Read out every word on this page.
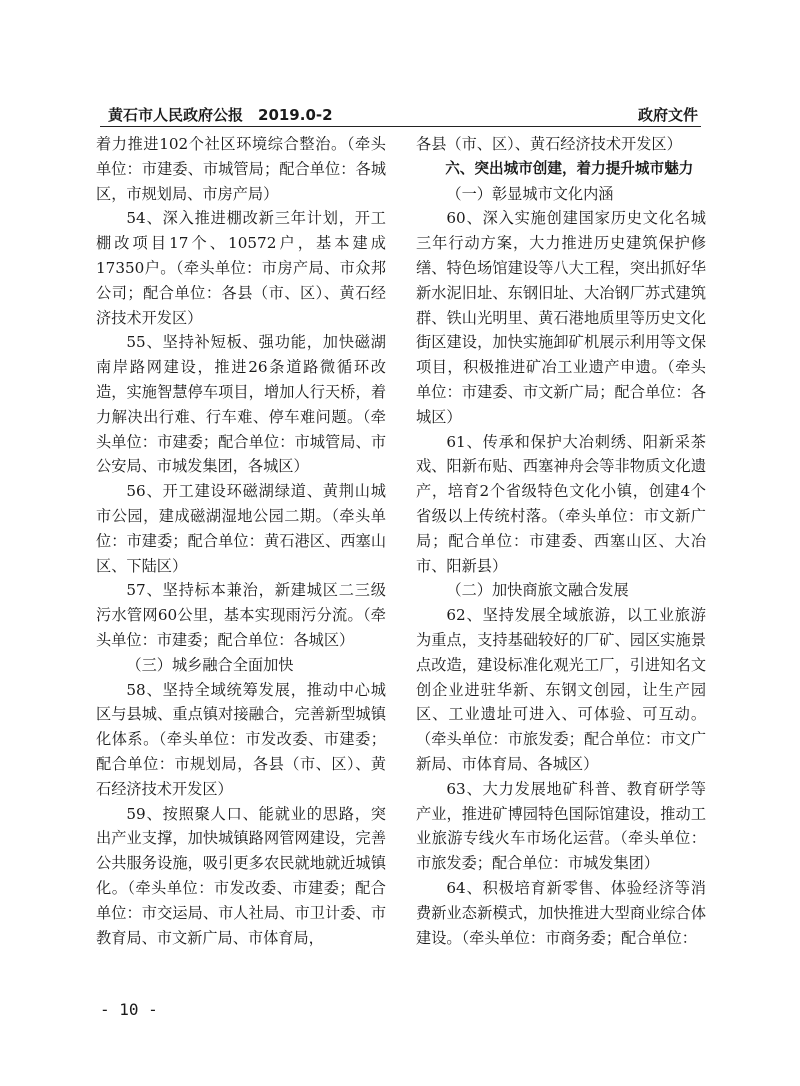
黄石市人民政府公报　2019.0-2	政府文件

着力推进102个社区环境综合整治。（牵头单位：市建委、市城管局；配合单位：各城区，市规划局、市房产局）

54、深入推进棚改新三年计划，开工棚改项目17个、10572户，基本建成17350户。（牵头单位：市房产局、市众邦公司；配合单位：各县（市、区）、黄石经济技术开发区）

55、坚持补短板、强功能，加快磁湖南岸路网建设，推进26条道路微循环改造，实施智慧停车项目，增加人行天桥，着力解决出行难、行车难、停车难问题。（牵头单位：市建委；配合单位：市城管局、市公安局、市城发集团，各城区）

56、开工建设环磁湖绿道、黄荆山城市公园，建成磁湖湿地公园二期。（牵头单位：市建委；配合单位：黄石港区、西塞山区、下陆区）

57、坚持标本兼治，新建城区二三级污水管网60公里，基本实现雨污分流。（牵头单位：市建委；配合单位：各城区）

（三）城乡融合全面加快

58、坚持全域统筹发展，推动中心城区与县城、重点镇对接融合，完善新型城镇化体系。（牵头单位：市发改委、市建委；配合单位：市规划局，各县（市、区）、黄石经济技术开发区）

59、按照聚人口、能就业的思路，突出产业支撑，加快城镇路网管网建设，完善公共服务设施，吸引更多农民就地就近城镇化。（牵头单位：市发改委、市建委；配合单位：市交运局、市人社局、市卫计委、市教育局、市文新广局、市体育局，

各县（市、区）、黄石经济技术开发区）

六、突出城市创建，着力提升城市魅力

（一）彰显城市文化内涵

60、深入实施创建国家历史文化名城三年行动方案，大力推进历史建筑保护修缮、特色场馆建设等八大工程，突出抓好华新水泥旧址、东钢旧址、大冶钢厂苏式建筑群、铁山光明里、黄石港地质里等历史文化街区建设，加快实施卸矿机展示利用等文保项目，积极推进矿冶工业遗产申遗。（牵头单位：市建委、市文新广局；配合单位：各城区）

61、传承和保护大冶刺绣、阳新采茶戏、阳新布贴、西塞神舟会等非物质文化遗产，培育2个省级特色文化小镇，创建4个省级以上传统村落。（牵头单位：市文新广局；配合单位：市建委、西塞山区、大冶市、阳新县）

（二）加快商旅文融合发展

62、坚持发展全域旅游，以工业旅游为重点，支持基础较好的厂矿、园区实施景点改造，建设标准化观光工厂，引进知名文创企业进驻华新、东钢文创园，让生产园区、工业遗址可进入、可体验、可互动。（牵头单位：市旅发委；配合单位：市文广新局、市体育局、各城区）

63、大力发展地矿科普、教育研学等产业，推进矿博园特色国际馆建设，推动工业旅游专线火车市场化运营。（牵头单位：市旅发委；配合单位：市城发集团）

64、积极培育新零售、体验经济等消费新业态新模式，加快推进大型商业综合体建设。（牵头单位：市商务委；配合单位：

- 10 -
